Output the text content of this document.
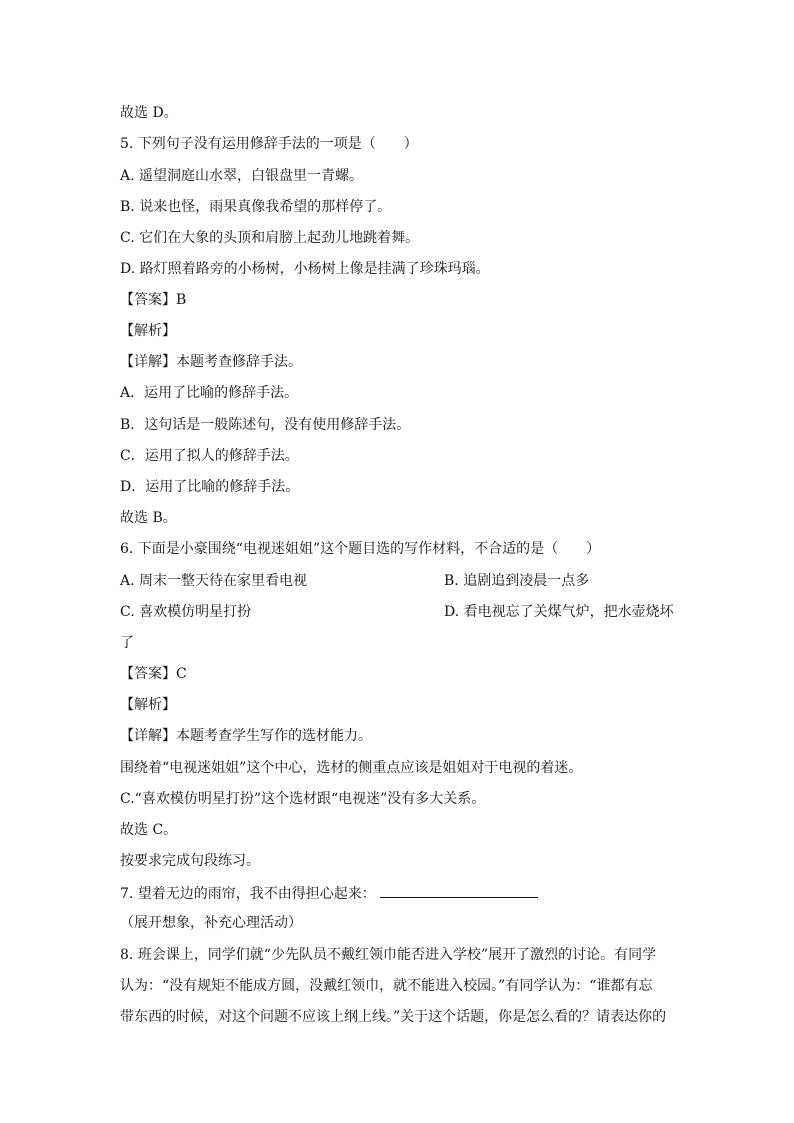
故选 D。
5. 下列句子没有运用修辞手法的一项是（　　）
A. 遥望洞庭山水翠，白银盘里一青螺。
B. 说来也怪，雨果真像我希望的那样停了。
C. 它们在大象的头顶和肩膀上起劲儿地跳着舞。
D. 路灯照着路旁的小杨树，小杨树上像是挂满了珍珠玛瑙。
【答案】B
【解析】
【详解】本题考查修辞手法。
A．运用了比喻的修辞手法。
B．这句话是一般陈述句，没有使用修辞手法。
C．运用了拟人的修辞手法。
D．运用了比喻的修辞手法。
故选 B。
6. 下面是小豪围绕“电视迷姐姐”这个题目选的写作材料，不合适的是（　　）
A. 周末一整天待在家里看电视	B. 追剧追到凌晨一点多
C. 喜欢模仿明星打扮	D. 看电视忘了关煤气炉，把水壶烧坏
了
【答案】C
【解析】
【详解】本题考查学生写作的选材能力。
围绕着“电视迷姐姐”这个中心，选材的侧重点应该是姐姐对于电视的着迷。
C.“喜欢模仿明星打扮”这个选材跟“电视迷”没有多大关系。
故选 C。
按要求完成句段练习。
7. 望着无边的雨帘，我不由得担心起来：
（展开想象，补充心理活动）
8. 班会课上，同学们就“少先队员不戴红领巾能否进入学校”展开了激烈的讨论。有同学
认为：“没有规矩不能成方圆，没戴红领巾，就不能进入校园。”有同学认为：“谁都有忘
带东西的时候，对这个问题不应该上纲上线。”关于这个话题，你是怎么看的？请表达你的
